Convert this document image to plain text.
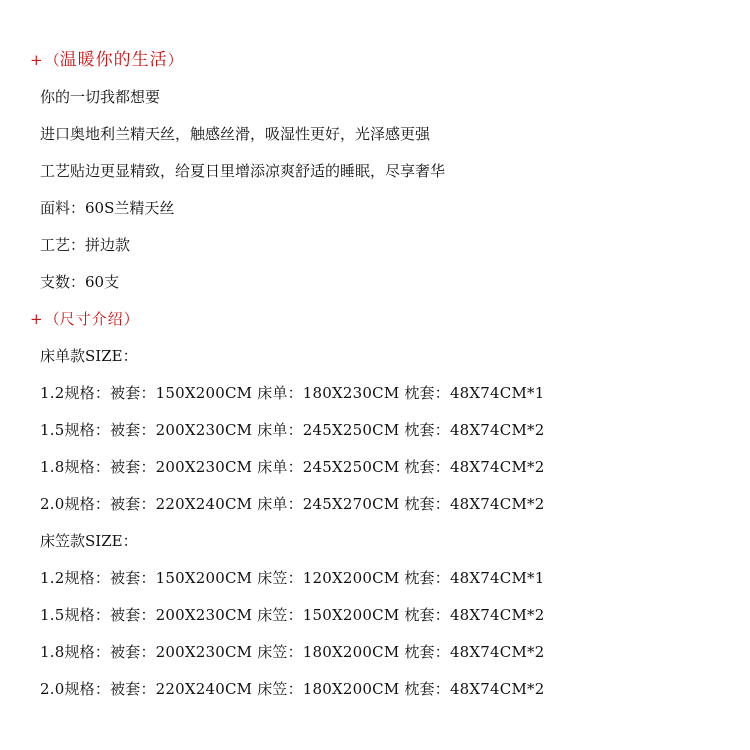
+ （温暖你的生活）
你的一切我都想要
进口奥地利兰精天丝，触感丝滑，吸湿性更好，光泽感更强
工艺贴边更显精致，给夏日里增添凉爽舒适的睡眠，尽享奢华
面料：60S兰精天丝
工艺：拼边款
支数：60支
+ （尺寸介绍）
床单款SIZE：
1.2规格：被套：150X200CM 床单：180X230CM 枕套：48X74CM*1
1.5规格：被套：200X230CM 床单：245X250CM 枕套：48X74CM*2
1.8规格：被套：200X230CM 床单：245X250CM 枕套：48X74CM*2
2.0规格：被套：220X240CM 床单：245X270CM 枕套：48X74CM*2
床笠款SIZE：
1.2规格：被套：150X200CM 床笠：120X200CM 枕套：48X74CM*1
1.5规格：被套：200X230CM 床笠：150X200CM 枕套：48X74CM*2
1.8规格：被套：200X230CM 床笠：180X200CM 枕套：48X74CM*2
2.0规格：被套：220X240CM 床笠：180X200CM 枕套：48X74CM*2
